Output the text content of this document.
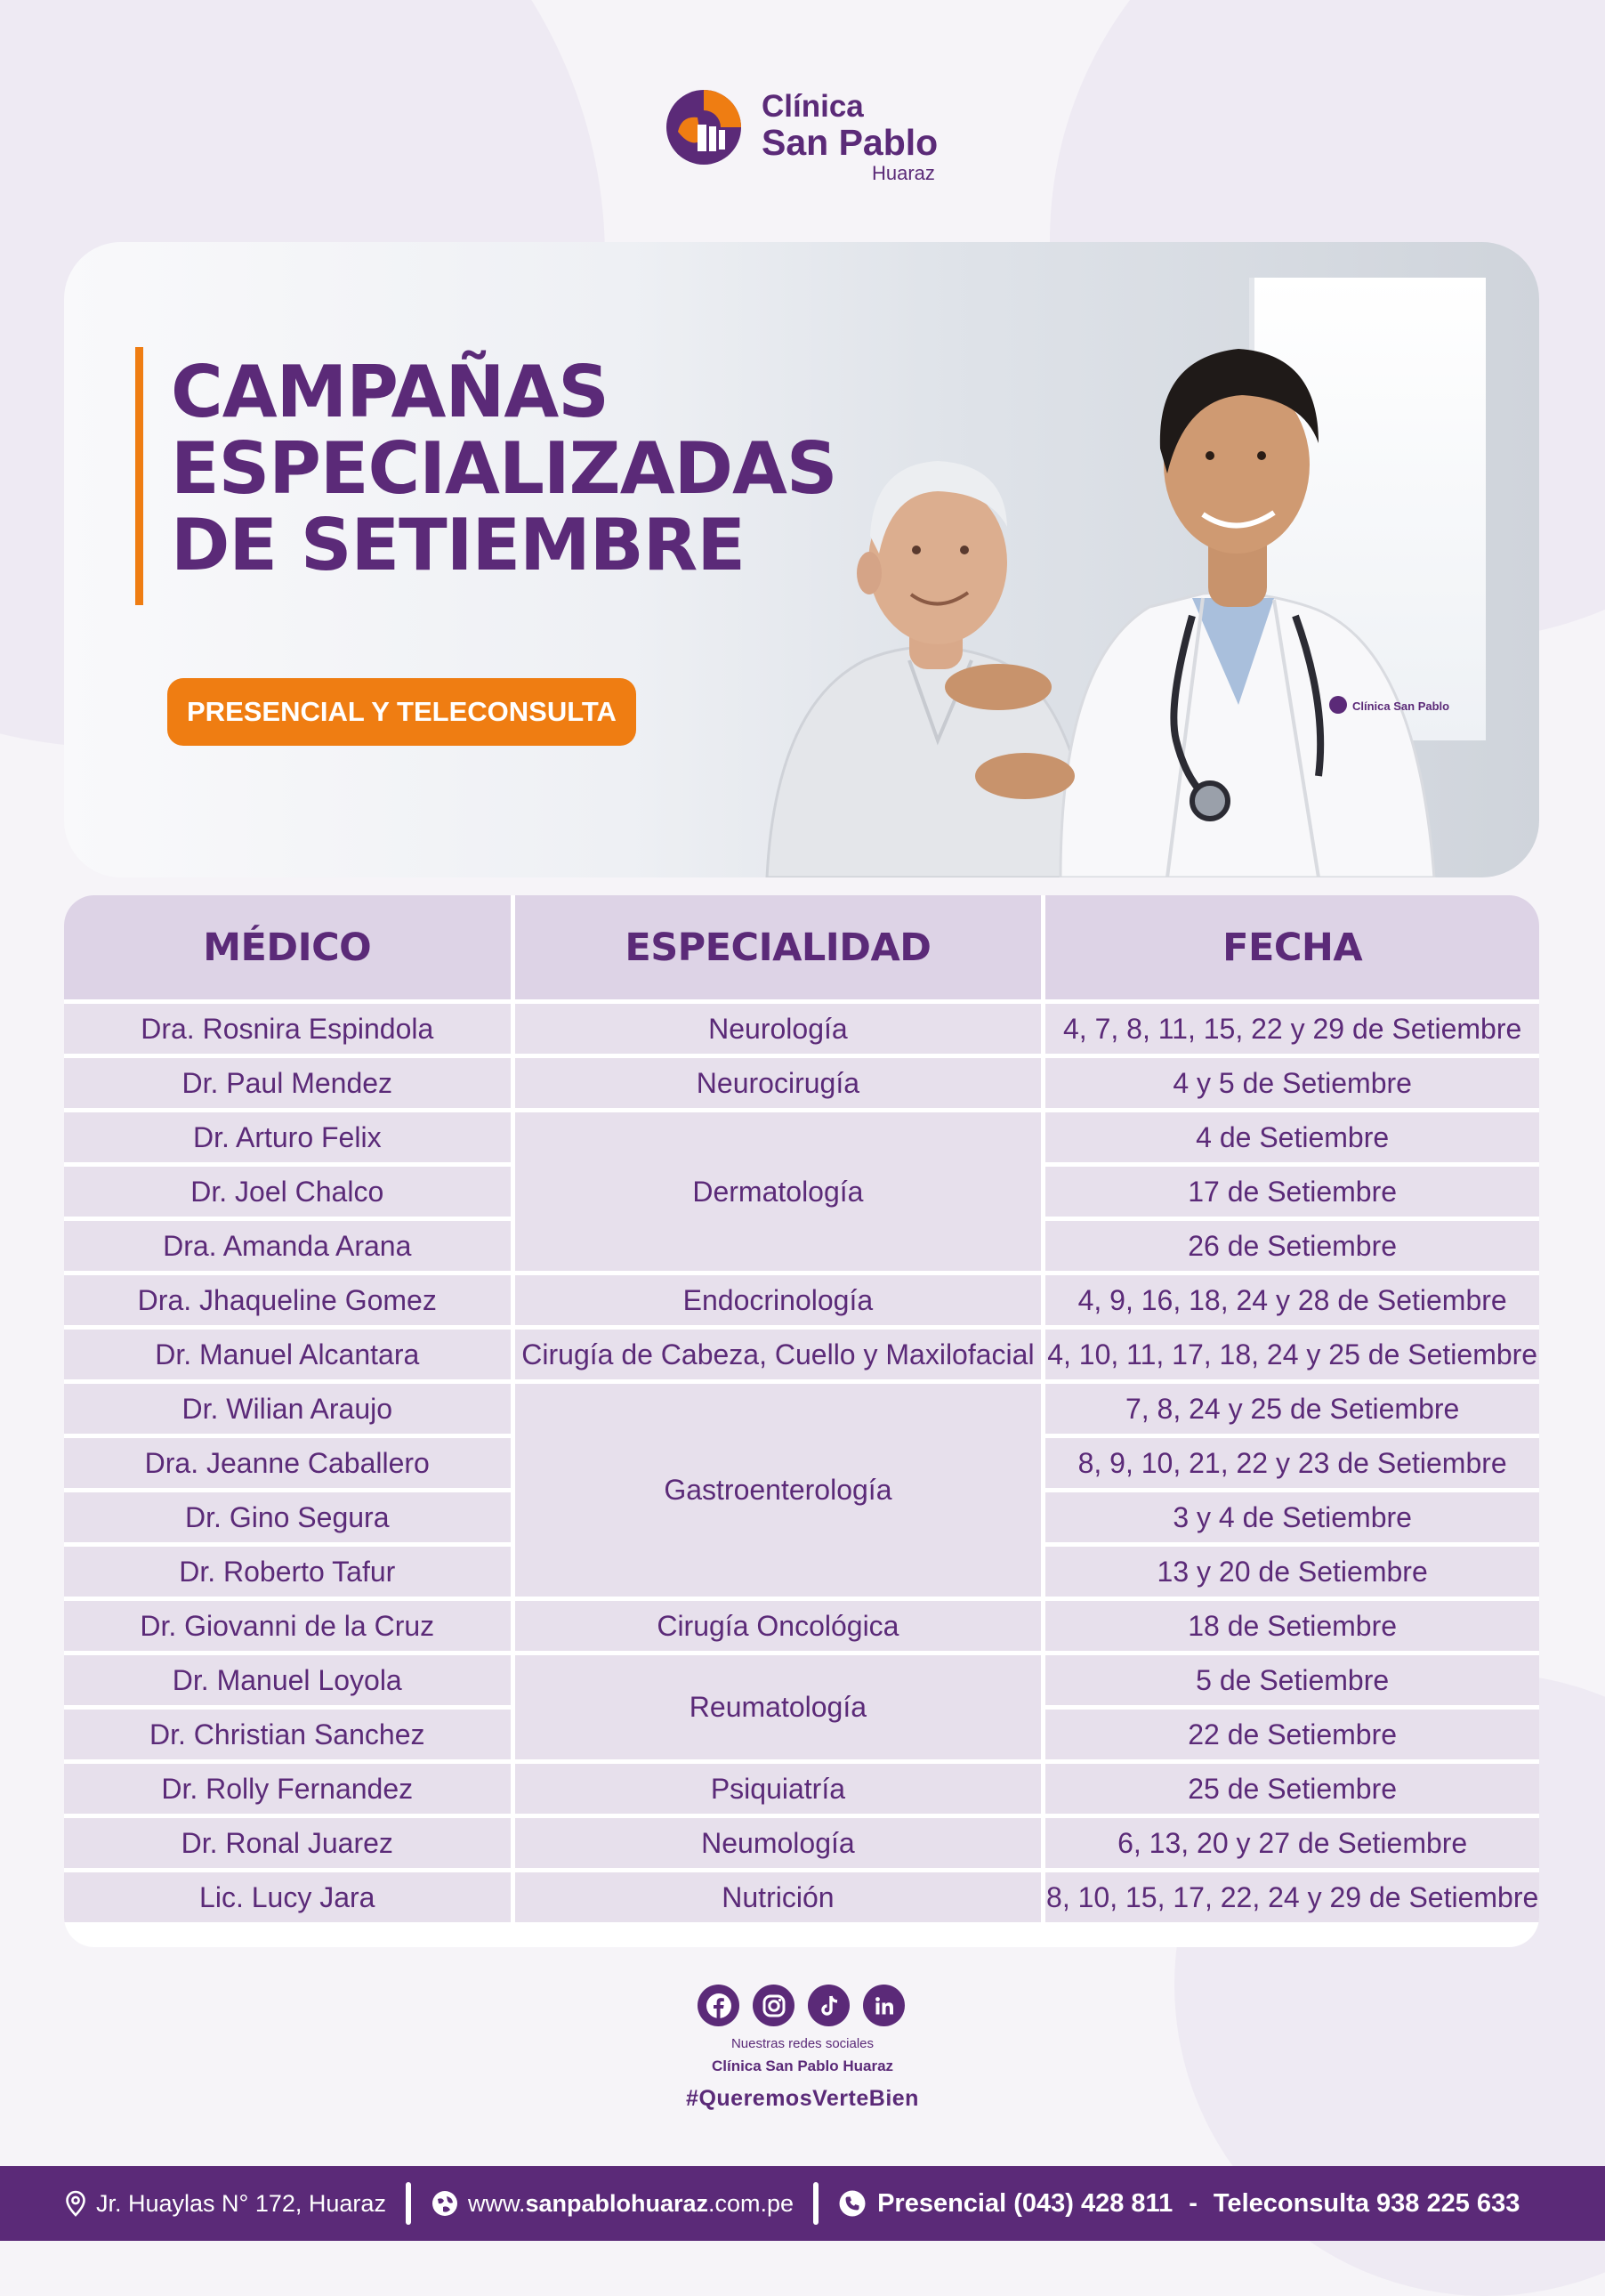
Clínica
San Pablo
Huaraz
CAMPAÑAS
ESPECIALIZADAS
DE SETIEMBRE
PRESENCIAL Y TELECONSULTA	Clínica San Pablo
MÉDICO	ESPECIALIDAD	FECHA
Dra. Rosnira Espindola	Neurología	4, 7, 8, 11, 15, 22 y 29 de Setiembre
Dr. Paul Mendez	Neurocirugía	4 y 5 de Setiembre
Dr. Arturo Felix	Dermatología	4 de Setiembre
Dr. Joel Chalco		17 de Setiembre
Dra. Amanda Arana		26 de Setiembre
Dra. Jhaqueline Gomez	Endocrinología	4, 9, 16, 18, 24 y 28 de Setiembre
Dr. Manuel Alcantara	Cirugía de Cabeza, Cuello y Maxilofacial	4, 10, 11, 17, 18, 24 y 25 de Setiembre
Dr. Wilian Araujo	Gastroenterología	7, 8, 24 y 25 de Setiembre
Dra. Jeanne Caballero		8, 9, 10, 21, 22 y 23 de Setiembre
Dr. Gino Segura		3 y 4 de Setiembre
Dr. Roberto Tafur		13 y 20 de Setiembre
Dr. Giovanni de la Cruz	Cirugía Oncológica	18 de Setiembre
Dr. Manuel Loyola	Reumatología	5 de Setiembre
Dr. Christian Sanchez		22 de Setiembre
Dr. Rolly Fernandez	Psiquiatría	25 de Setiembre
Dr. Ronal Juarez	Neumología	6, 13, 20 y 27 de Setiembre
Lic. Lucy Jara	Nutrición	8, 10, 15, 17, 22, 24 y 29 de Setiembre
Nuestras redes sociales
Clínica San Pablo Huaraz
#QueremosVerteBien
Jr. Huaylas N° 172, Huaraz	www. sanpablohuaraz .com.pe	Presencial (043) 428 811 - Teleconsulta 938 225 633
